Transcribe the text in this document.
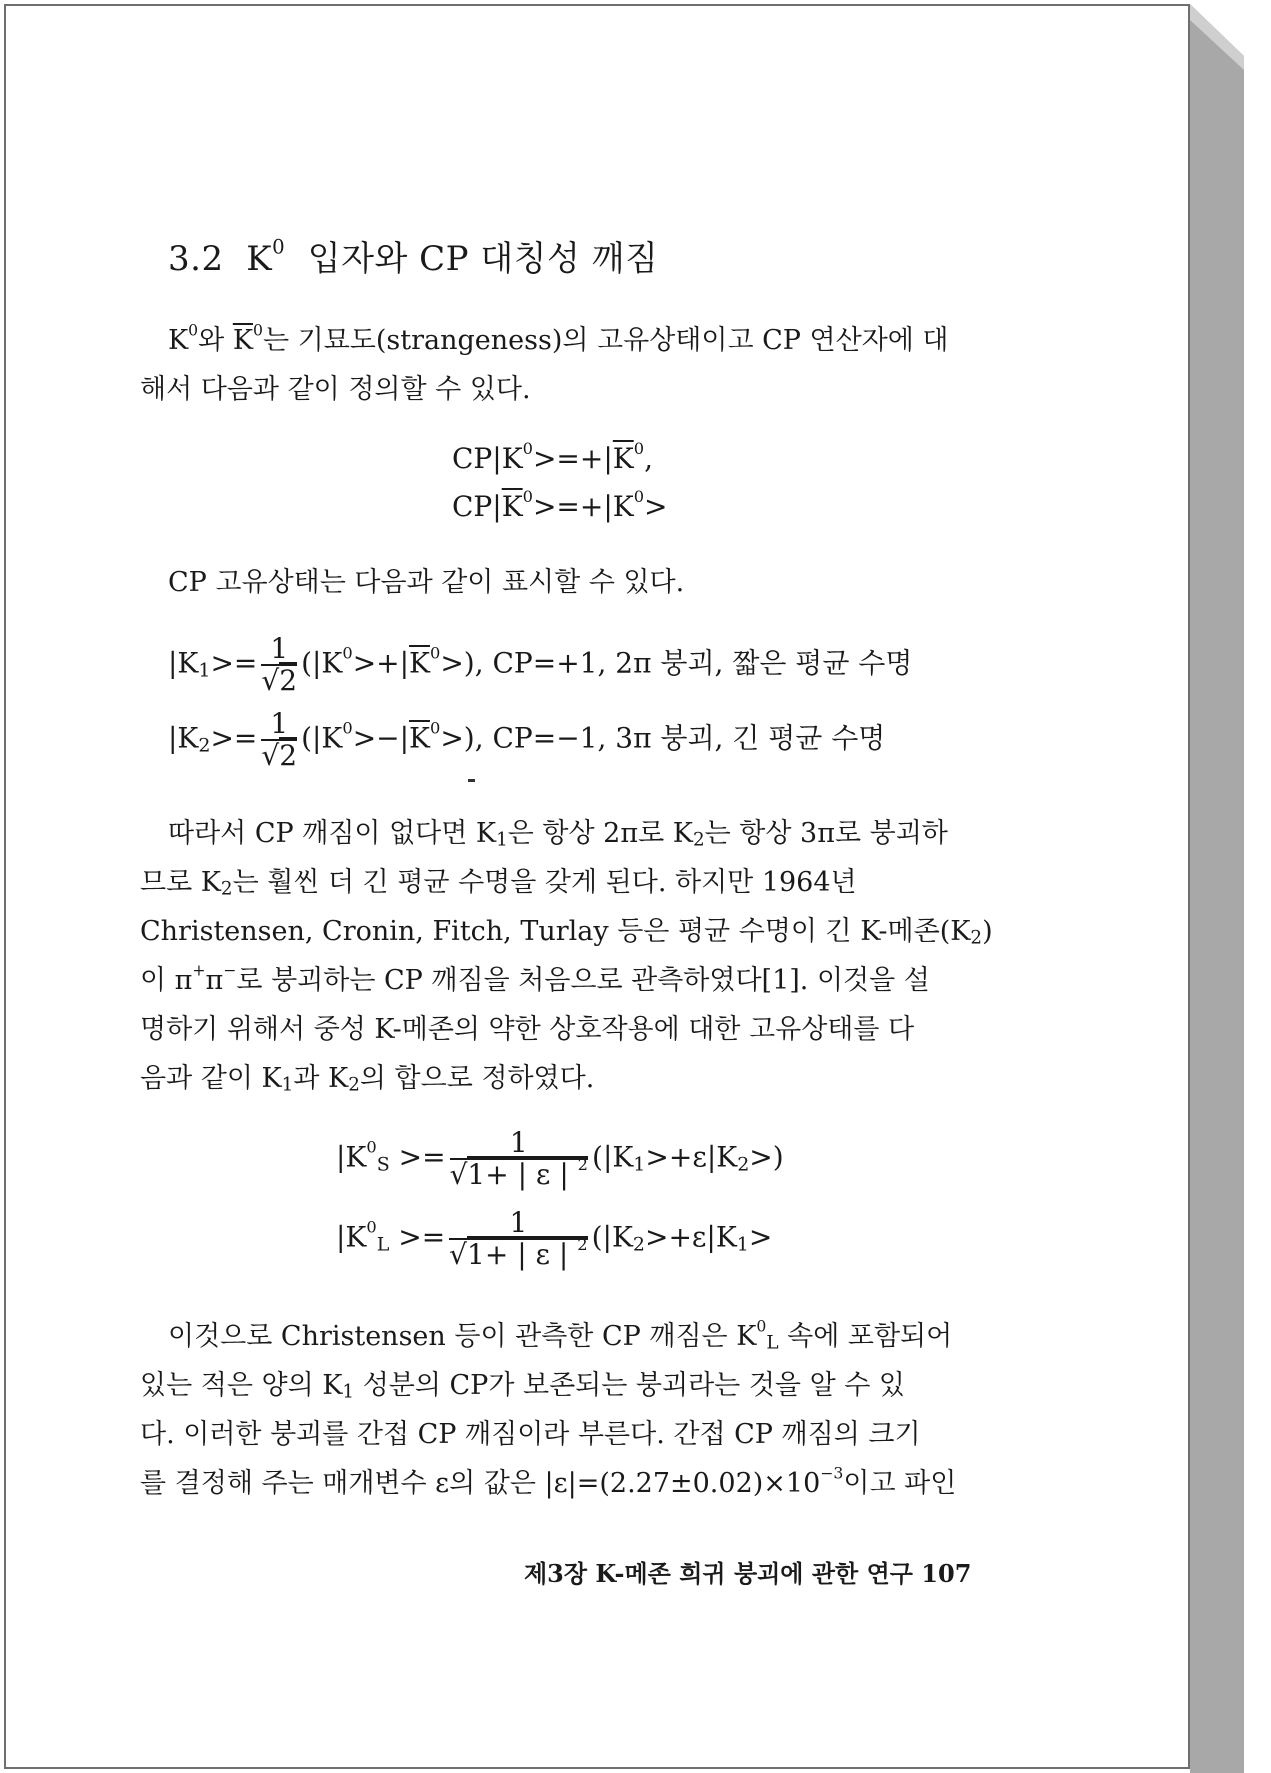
3.2 $K^0$ 입자와 CP 대칭성 깨짐
$K^0$와 $\overline{K}^0$는 기묘도(strangeness)의 고유상태이고 CP 연산자에 대
해서 다음과 같이 정의할 수 있다.
$CP|K^0>=+|\overline{K}^0$,
$CP|\overline{K}^0>=+|K^0>$
CP 고유상태는 다음과 같이 표시할 수 있다.
$|K_1>= \frac{1}{√2} (|K^0>+|\overline{K}^0>)$, CP=+1, 2π 붕괴, 짧은 평균 수명
$|K_2>= \frac{1}{√2} (|K^0>-|\overline{K}^0>)$, CP=−1, 3π 붕괴, 긴 평균 수명
따라서 CP 깨짐이 없다면 $K_1$은 항상 2π로 $K_2$는 항상 3π로 붕괴하
므로 $K_2$는 훨씬 더 긴 평균 수명을 갖게 된다. 하지만 1964년
Christensen, Cronin, Fitch, Turlay 등은 평균 수명이 긴 K-메존$(K_2)$
이 π+π−로 붕괴하는 CP 깨짐을 처음으로 관측하였다[1]. 이것을 설
명하기 위해서 중성 K-메존의 약한 상호작용에 대한 고유상태를 다
음과 같이 $K_1$과 $K_2$의 합으로 정하였다.
$|K^0_S >= \frac{1}{√1+ | \varepsilon | ^2} (|K_1>+\varepsilon|K_2>)$
$|K^0_L >= \frac{1}{√1+ | \varepsilon | ^2} (|K_2>+\varepsilon|K_1>$
이것으로 Christensen 등이 관측한 CP 깨짐은 $K^0_L$ 속에 포함되어
있는 적은 양의 $K_1$ 성분의 CP가 보존되는 붕괴라는 것을 알 수 있
다. 이러한 붕괴를 간접 CP 깨짐이라 부른다. 간접 CP 깨짐의 크기
를 결정해 주는 매개변수 ε의 값은 $|\varepsilon|=(2.27\pm 0.02)\times 10^{-3}$이고 파인
제3장 K-메존 희귀 붕괴에 관한 연구 107
